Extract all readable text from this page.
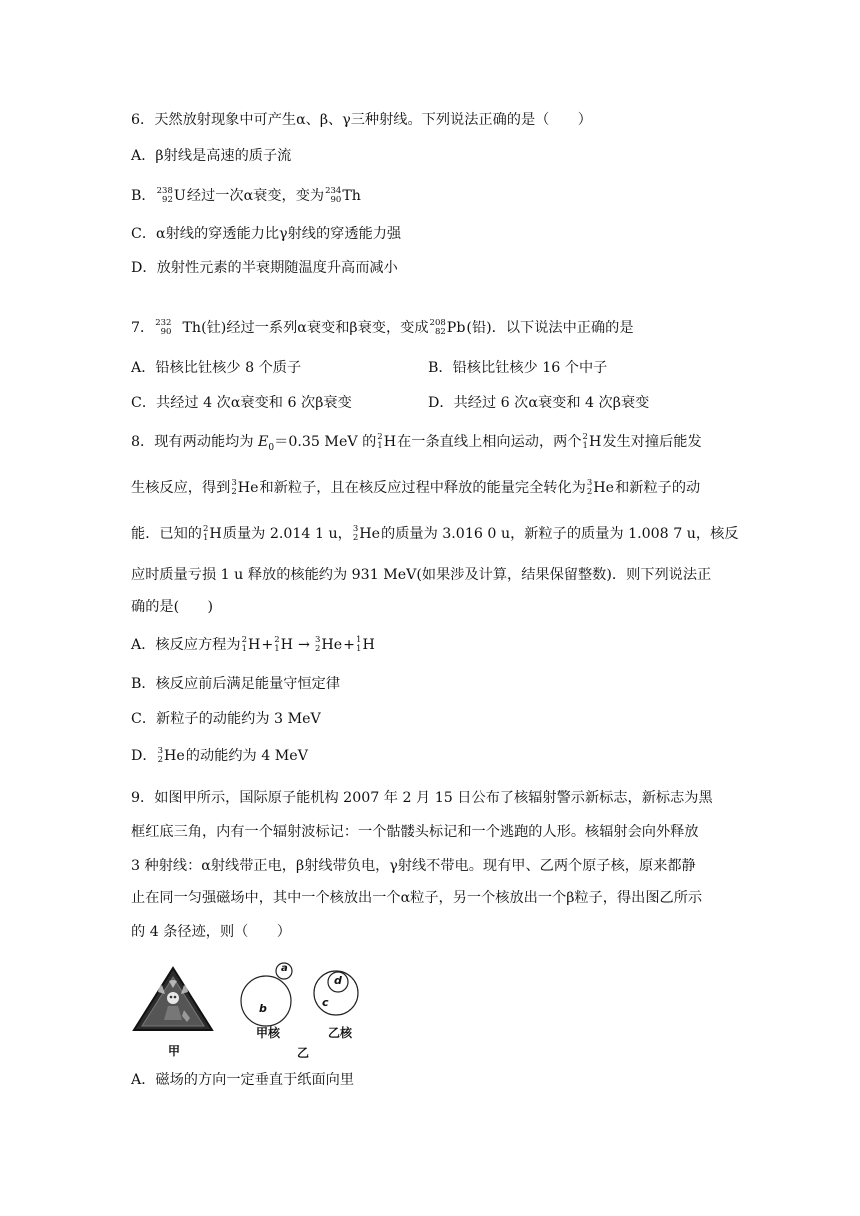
6．天然放射现象中可产生α、β、γ三种射线。下列说法正确的是（　　）
A．β射线是高速的质子流
B． 238
92 U 经过一次α衰变，变为 234
90 Th
C．α射线的穿透能力比γ射线的穿透能力强
D．放射性元素的半衰期随温度升高而减小
7． 232
90 Th(钍)经过一系列α衰变和β衰变，变成 208
82 Pb (铅)．以下说法中正确的是
A．铅核比钍核少 8 个质子	B．铅核比钍核少 16 个中子
C．共经过 4 次α衰变和 6 次β衰变	D．共经过 6 次α衰变和 4 次β衰变
8．现有两动能均为 $E_0=0.35$ MeV 的 2
1 H 在一条直线上相向运动，两个 2
1 H 发生对撞后能发
生核反应，得到 3
2 He 和新粒子，且在核反应过程中释放的能量完全转化为 3
2 He 和新粒子的动
能．已知的 2
1 H 质量为 2.014 1 u， 3
2 He 的质量为 3.016 0 u，新粒子的质量为 1.008 7 u，核反
应时质量亏损 1 u 释放的核能约为 931 MeV(如果涉及计算，结果保留整数)．则下列说法正
确的是(　　)
A．核反应方程为 2
1 H + 2
1 H → 3
2 He + 1
1 H
B．核反应前后满足能量守恒定律
C．新粒子的动能约为 3 MeV
D． 3
2 He 的动能约为 4 MeV
9．如图甲所示，国际原子能机构 2007 年 2 月 15 日公布了核辐射警示新标志，新标志为黑
框红底三角，内有一个辐射波标记：一个骷髅头标记和一个逃跑的人形。核辐射会向外释放
3 种射线：α射线带正电，β射线带负电，γ射线不带电。现有甲、乙两个原子核，原来都静
止在同一匀强磁场中，其中一个核放出一个α粒子，另一个核放出一个β粒子，得出图乙所示
的 4 条径迹，则（　　）
甲
a
b	c
d
甲核	乙核
乙
A．磁场的方向一定垂直于纸面向里
